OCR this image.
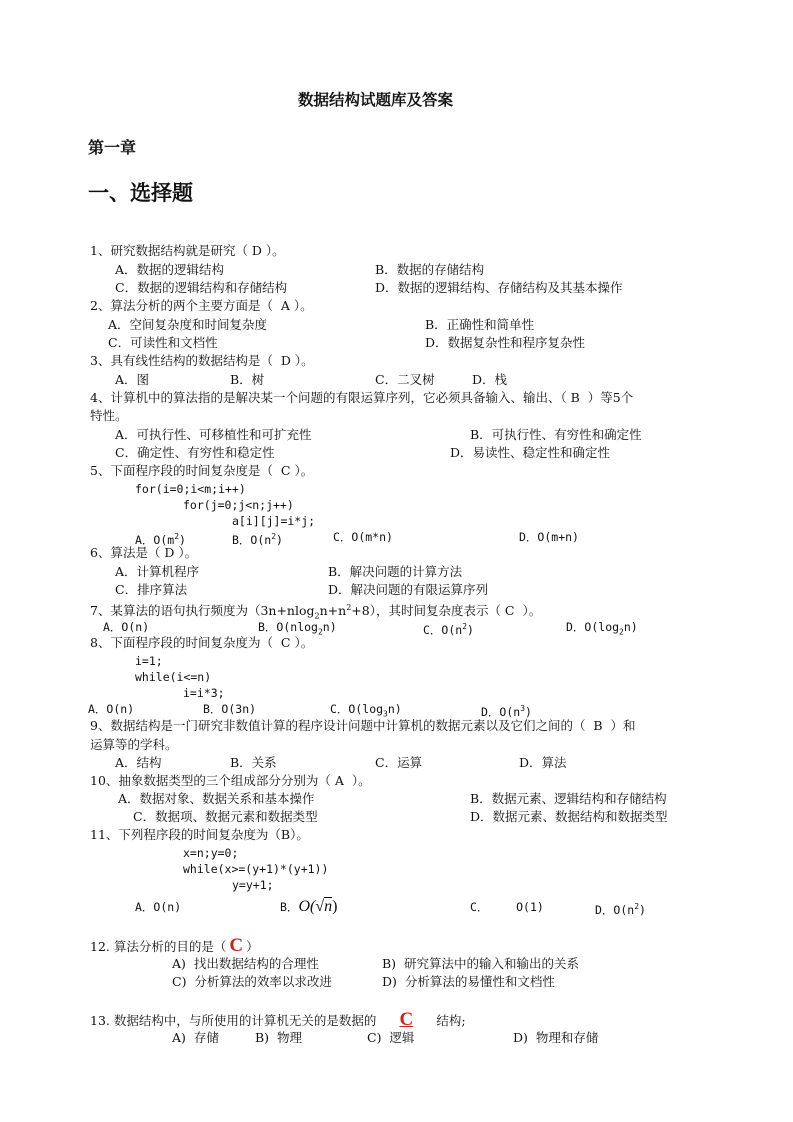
数据结构试题库及答案
第一章
一、选择题
1、研究数据结构就是研究（ D ）。
A．数据的逻辑结构	B．数据的存储结构
C．数据的逻辑结构和存储结构	D．数据的逻辑结构、存储结构及其基本操作
2、算法分析的两个主要方面是（  A ）。
A．空间复杂度和时间复杂度	B．正确性和简单性
C．可读性和文档性	D．数据复杂性和程序复杂性
3、具有线性结构的数据结构是（  D ）。
A．图	B．树	C．二叉树	D．栈
4、计算机中的算法指的是解决某一个问题的有限运算序列，它必须具备输入、输出、（ B  ）等5个
特性。
A．可执行性、可移植性和可扩充性	B．可执行性、有穷性和确定性
C．确定性、有穷性和稳定性	D．易读性、稳定性和确定性
5、下面程序段的时间复杂度是（  C ）。
for(i=0;i<m;i++)
for(j=0;j<n;j++)
a[i][j]=i*j;
A．$O(m^2)$	B．$O(n^2)$	C．O(m*n)	D．O(m+n)
6、算法是（ D ）。
A．计算机程序	B．解决问题的计算方法
C．排序算法	D．解决问题的有限运算序列
7、某算法的语句执行频度为$(3n+nlog_2n+n^2+8)$，其时间复杂度表示（ C  ）。
A．O(n)	B．O(nlog$_2$n)	C．$O(n^2)$	D．$O(\log_2n)$
8、下面程序段的时间复杂度为（  C ）。
i=1;
while(i<=n)
i=i*3;
A．O(n)	B．O(3n)	C．$O(\log_3n)$	D．$O(n^3)$
9、数据结构是一门研究非数值计算的程序设计问题中计算机的数据元素以及它们之间的（  B  ）和
运算等的学科。
A．结构	B．关系	C．运算	D．算法
10、抽象数据类型的三个组成部分分别为（ A  ）。
A．数据对象、数据关系和基本操作	B．数据元素、逻辑结构和存储结构
C．数据项、数据元素和数据类型	D．数据元素、数据结构和数据类型
11、下列程序段的时间复杂度为（B）。
x=n;y=0;
while(x>=(y+1)*(y+1))
y=y+1;
A．O(n)	B．O(√n)	C．    O(1)	D．$O(n^2)$
12. 算法分析的目的是（ C ）
A)  找出数据结构的合理性	B)  研究算法中的输入和输出的关系
C)  分析算法的效率以求改进	D)  分析算法的易懂性和文档性
13. 数据结构中，与所使用的计算机无关的是数据的 C 结构;
A)  存储	B)  物理	C)  逻辑	D)  物理和存储
